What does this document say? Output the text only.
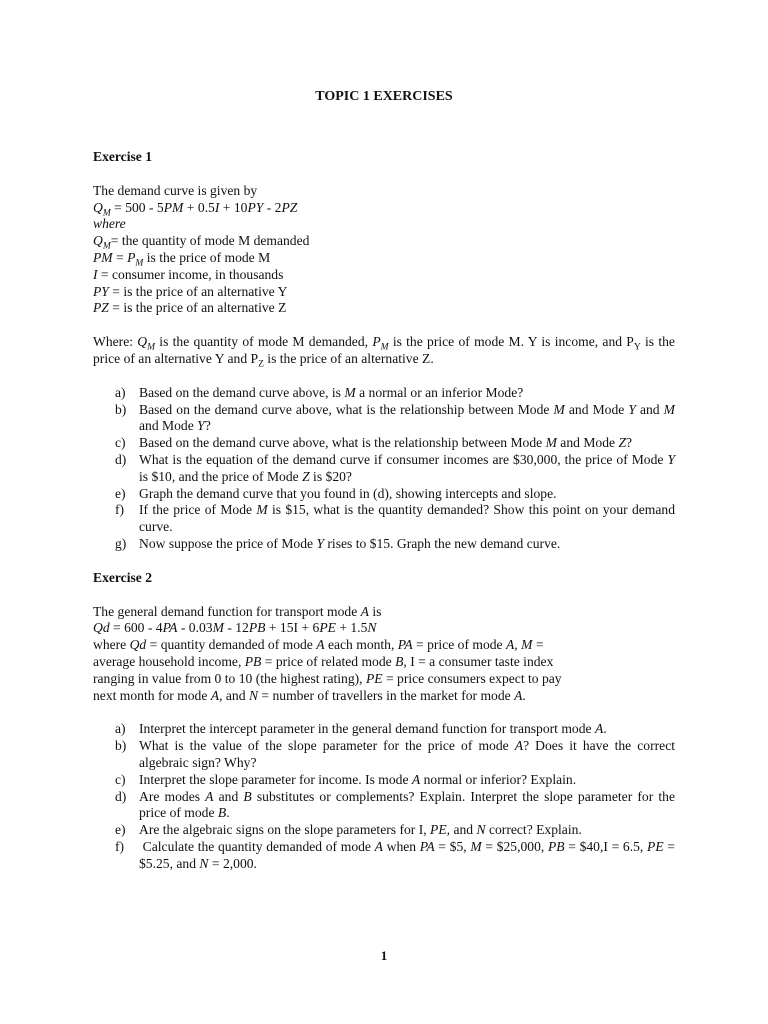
TOPIC 1 EXERCISES

Exercise 1

The demand curve is given by

$Q_M = 500 - 5PM + 0.5I + 10PY - 2PZ$

where

$Q_M=$ the quantity of mode M demanded

PM = $P_M$ is the price of mode M

I = consumer income, in thousands

PY = is the price of an alternative Y

PZ = is the price of an alternative Z

Where: $Q_M$ is the quantity of mode M demanded, $P_M$ is the price of mode M. Y is income, and $P_Y$ is the price of an alternative Y and $P_Z$ is the price of an alternative Z.

a) Based on the demand curve above, is M a normal or an inferior Mode?
b) Based on the demand curve above, what is the relationship between Mode M and Mode Y and M and Mode Y?
c) Based on the demand curve above, what is the relationship between Mode M and Mode Z?
d) What is the equation of the demand curve if consumer incomes are $30,000, the price of Mode Y is $10, and the price of Mode Z is $20?
e) Graph the demand curve that you found in (d), showing intercepts and slope.
f) If the price of Mode M is $15, what is the quantity demanded? Show this point on your demand curve.
g) Now suppose the price of Mode Y rises to $15. Graph the new demand curve.

Exercise 2

The general demand function for transport mode A is

Qd = 600 - 4PA - 0.03M - 12PB + 15I + 6PE + 1.5N

where Qd = quantity demanded of mode A each month, PA = price of mode A, M =

average household income, PB = price of related mode B, I = a consumer taste index

ranging in value from 0 to 10 (the highest rating), PE = price consumers expect to pay

next month for mode A, and N = number of travellers in the market for mode A.

a) Interpret the intercept parameter in the general demand function for transport mode A.
b) What is the value of the slope parameter for the price of mode A? Does it have the correct algebraic sign? Why?
c) Interpret the slope parameter for income. Is mode A normal or inferior? Explain.
d) Are modes A and B substitutes or complements? Explain. Interpret the slope parameter for the price of mode B.
e) Are the algebraic signs on the slope parameters for I, PE, and N correct? Explain.
f) Calculate the quantity demanded of mode A when PA = $5, M = $25,000, PB = $40,I = 6.5, PE = $5.25, and N = 2,000.
1
